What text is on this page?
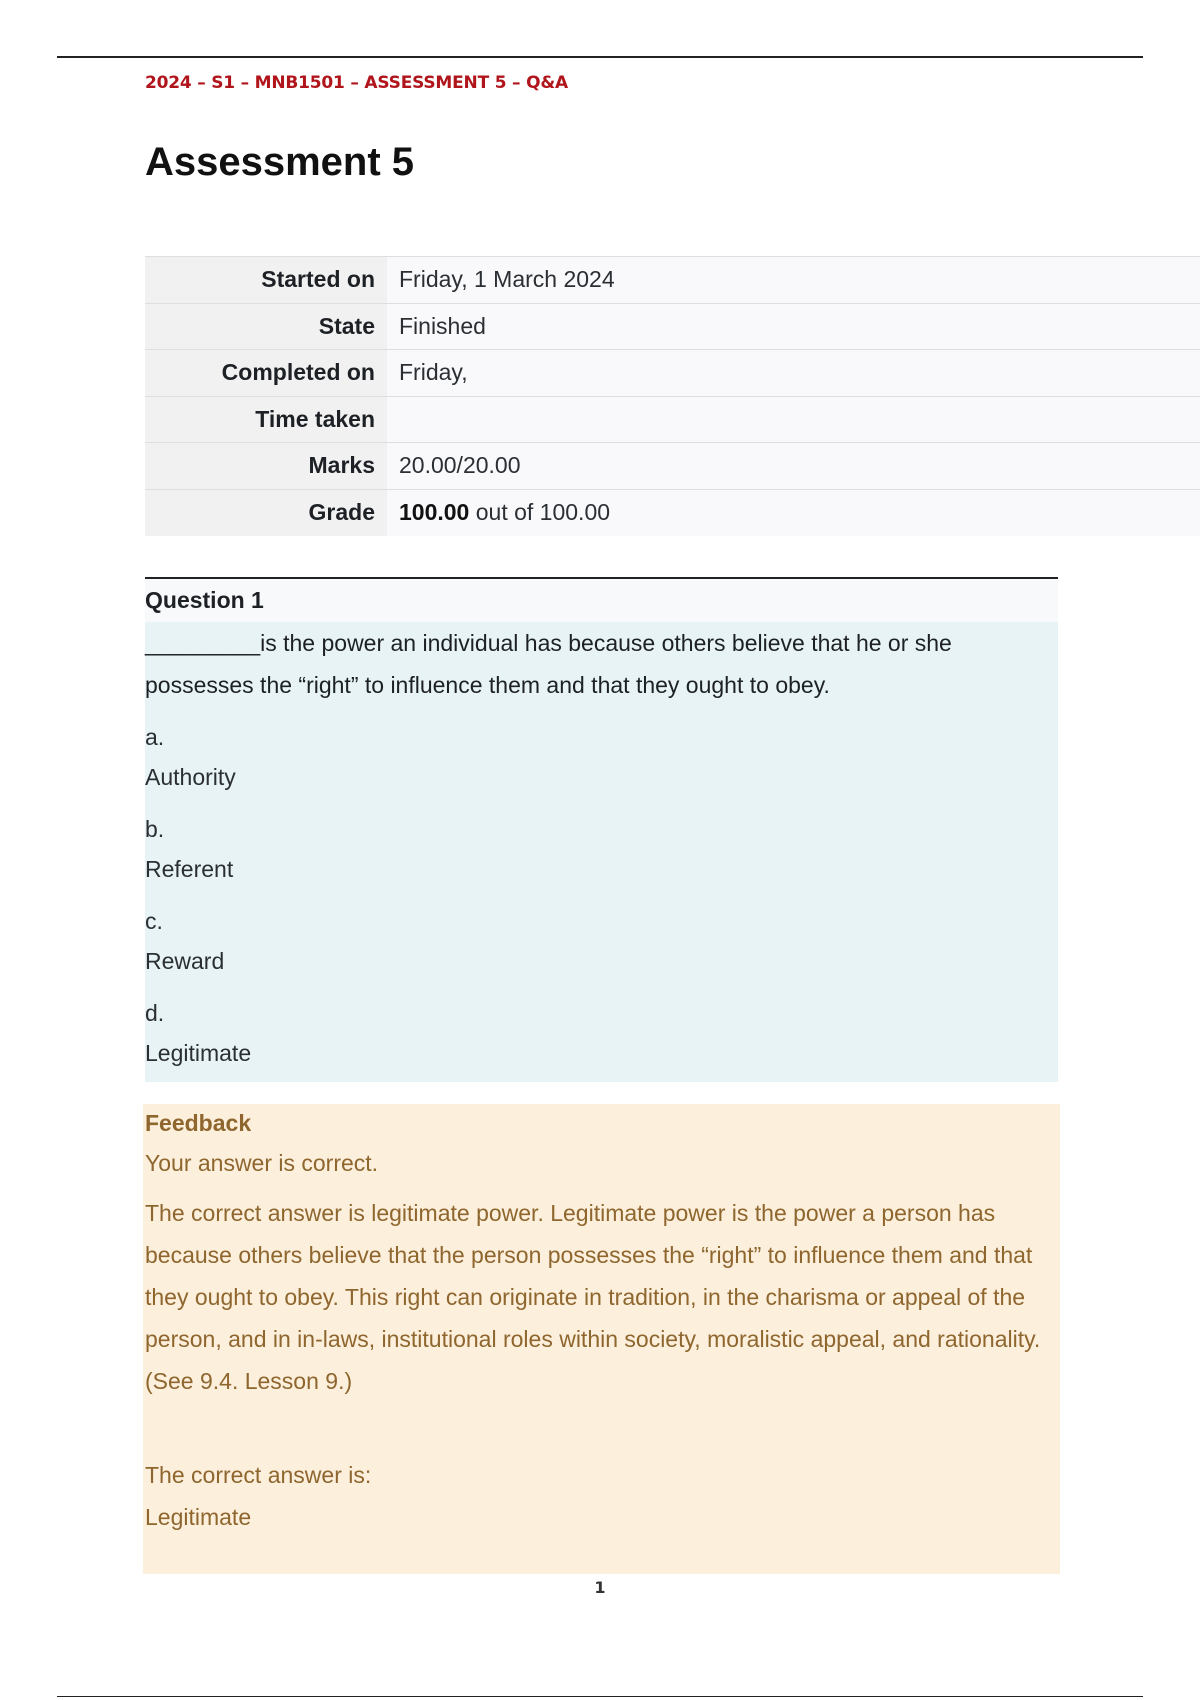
2024 – S1 – MNB1501 – ASSESSMENT 5 – Q&A
Assessment 5
Started on	Friday, 1 March 2024
State	Finished
Completed on	Friday,
Time taken	
Marks	20.00/20.00
Grade	100.00 out of 100.00
Question 1

_________is the power an individual has because others believe that he or she possesses the “right” to influence them and that they ought to obey.

a.
Authority
b.
Referent
c.
Reward
d.
Legitimate
Feedback

Your answer is correct.

The correct answer is legitimate power. Legitimate power is the power a person has because others believe that the person possesses the “right” to influence them and that they ought to obey. This right can originate in tradition, in the charisma or appeal of the person, and in in-laws, institutional roles within society, moralistic appeal, and rationality. (See 9.4. Lesson 9.)

The correct answer is:

Legitimate

1
